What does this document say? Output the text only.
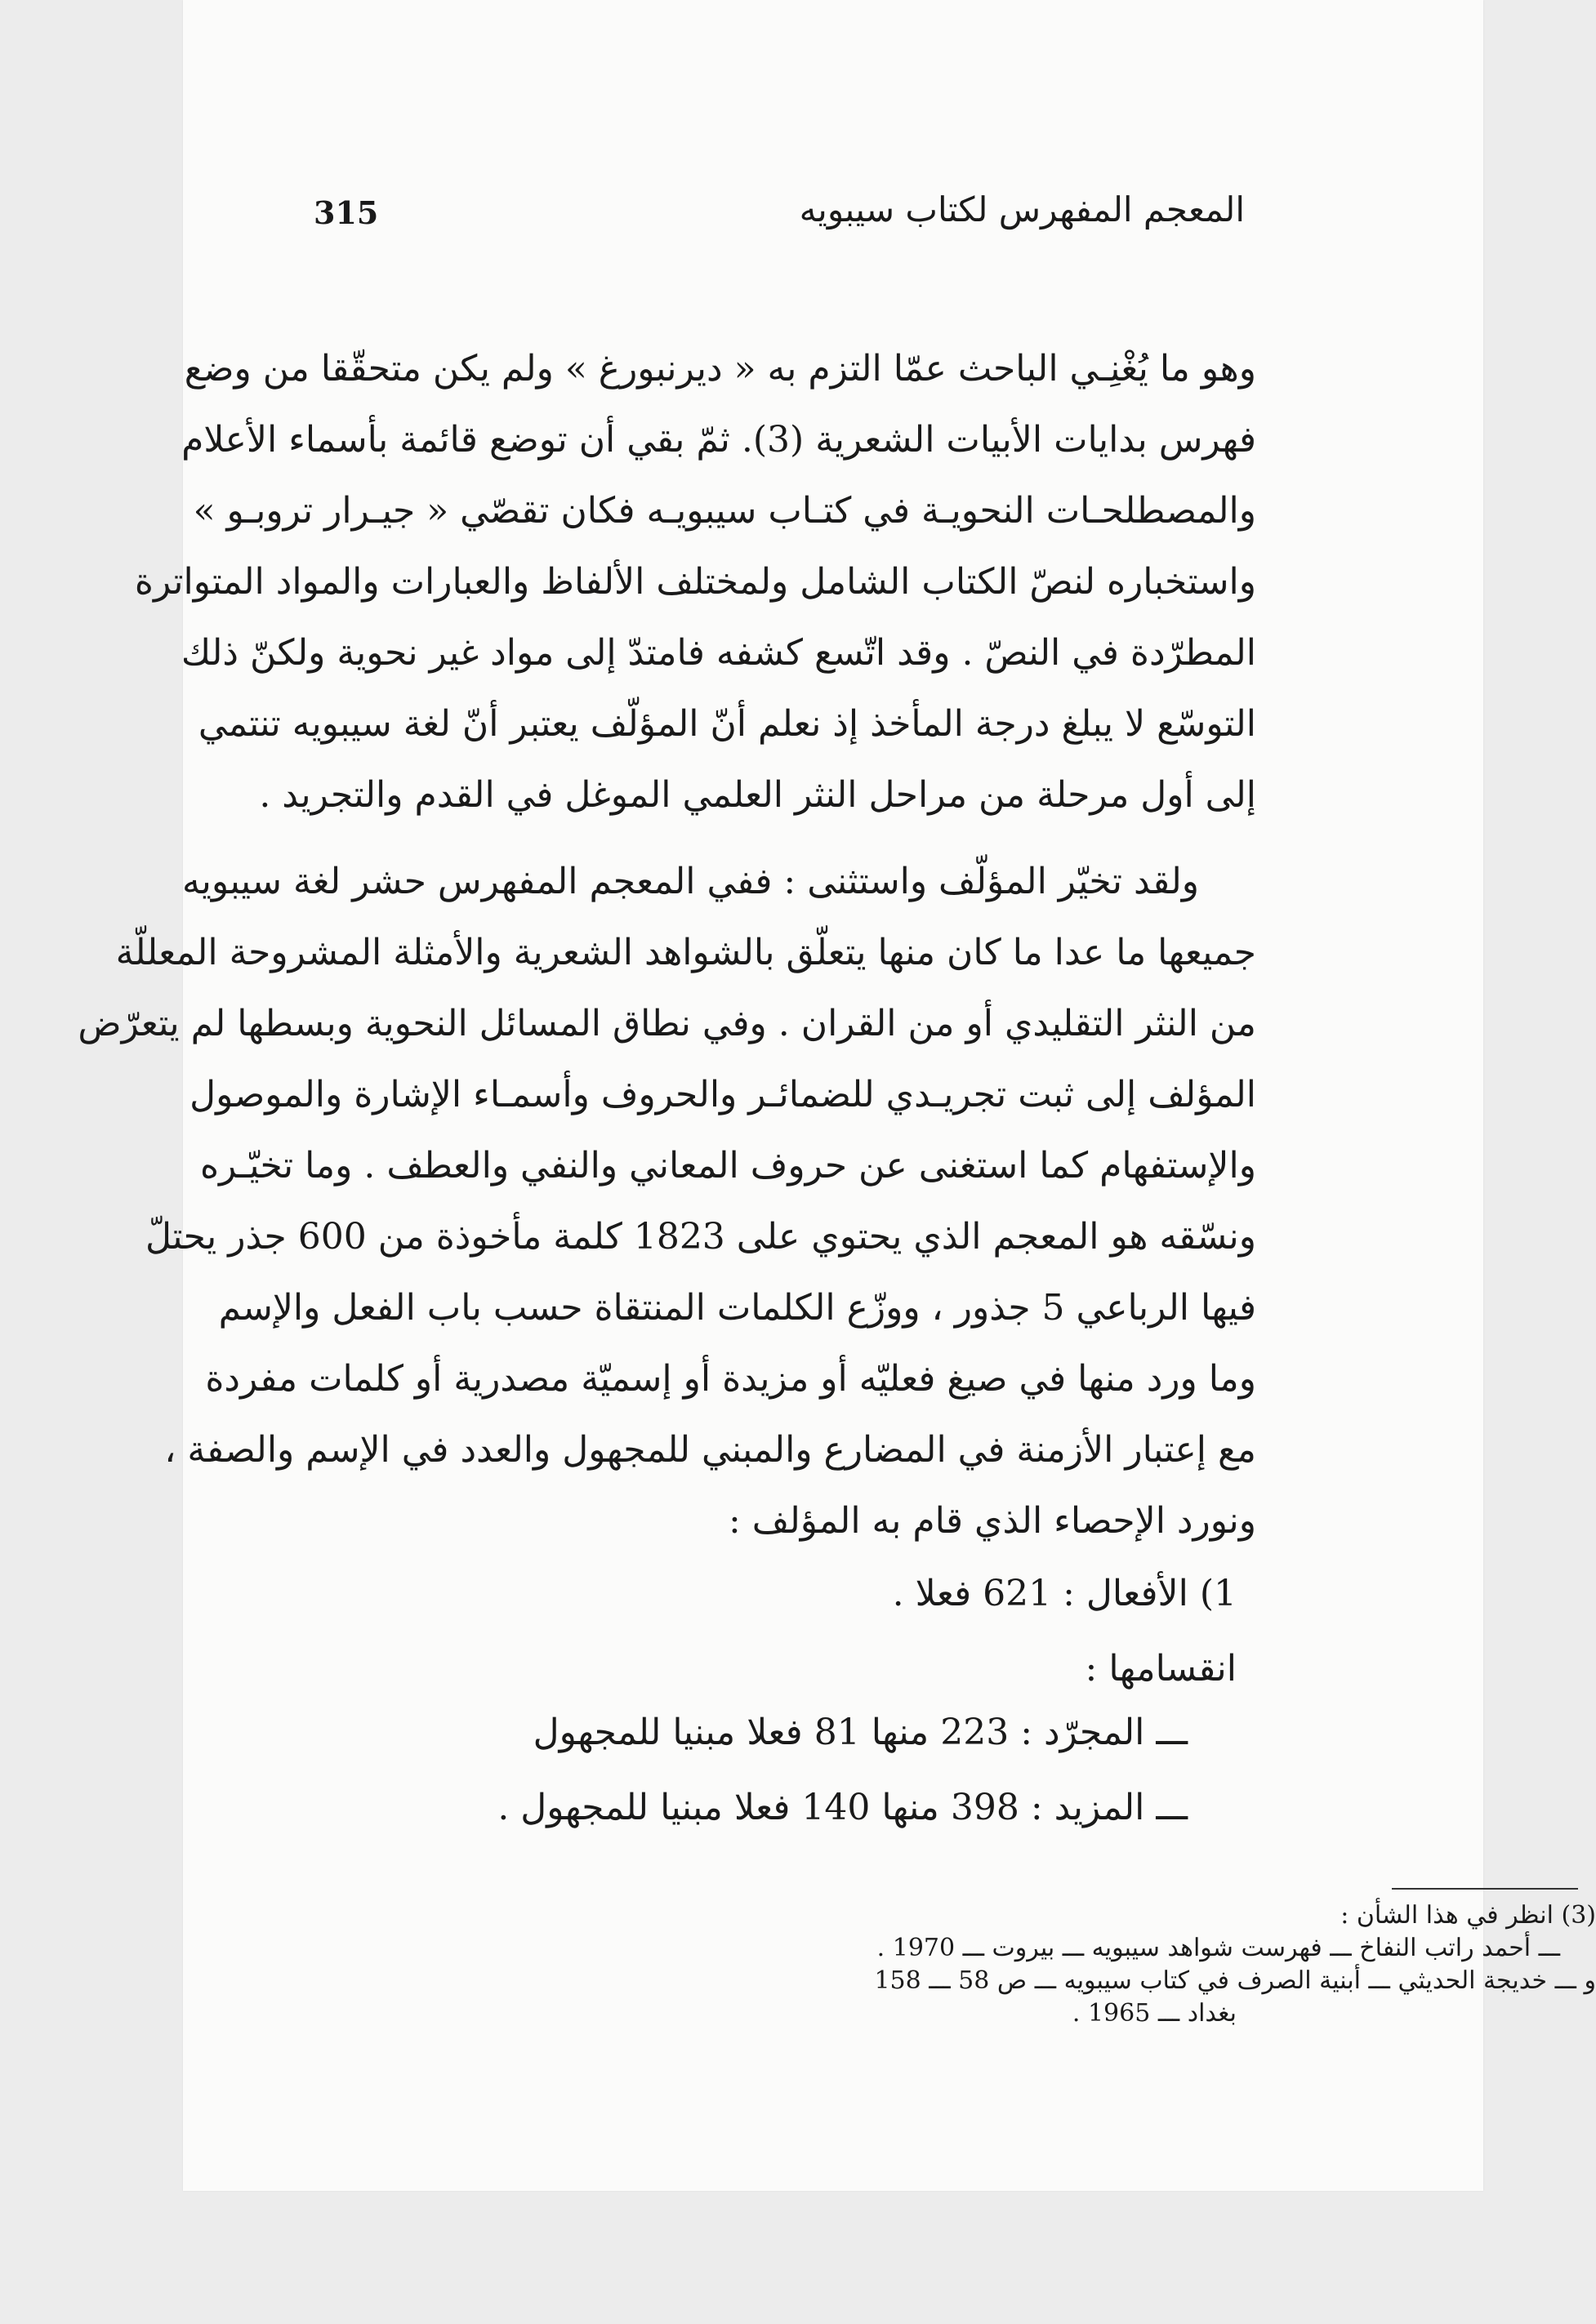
315	المعجم المفهرس لكتاب سيبويه
وهو ما يُغْنِـي الباحث عمّا التزم به « ديرنبورغ » ولم يكن متحقّقا من وضع
فهرس بدايات الأبيات الشعرية (3). ثمّ بقي أن توضع قائمة بأسماء الأعلام
والمصطلحـات النحويـة في كتـاب سيبويـه فكان تقصّي « جيـرار تروبـو »
واستخباره لنصّ الكتاب الشامل ولمختلف الألفاظ والعبارات والمواد المتواترة
المطرّدة في النصّ . وقد اتّسع كشفه فامتدّ إلى مواد غير نحوية ولكنّ ذلك
التوسّع لا يبلغ درجة المأخذ إذ نعلم أنّ المؤلّف يعتبر أنّ لغة سيبويه تنتمي
إلى أول مرحلة من مراحل النثر العلمي الموغل في القدم والتجريد .
ولقد تخيّر المؤلّف واستثنى : ففي المعجم المفهرس حشر لغة سيبويه
جميعها ما عدا ما كان منها يتعلّق بالشواهد الشعرية والأمثلة المشروحة المعللّة
من النثر التقليدي أو من القران . وفي نطاق المسائل النحوية وبسطها لم يتعرّض
المؤلف إلى ثبت تجريـدي للضمائـر والحروف وأسمـاء الإشارة والموصول
والإستفهام كما استغنى عن حروف المعاني والنفي والعطف . وما تخيّـره
ونسّقه هو المعجم الذي يحتوي على 1823 كلمة مأخوذة من 600 جذر يحتلّ
فيها الرباعي 5 جذور ، ووزّع الكلمات المنتقاة حسب باب الفعل والإسم
وما ورد منها في صيغ فعليّه أو مزيدة أو إسميّة مصدرية أو كلمات مفردة
مع إعتبار الأزمنة في المضارع والمبني للمجهول والعدد في الإسم والصفة ،
ونورد الإحصاء الذي قام به المؤلف :
1) الأفعال : 621 فعلا .
انقسامها :
ـــ المجرّد : 223 منها 81 فعلا مبنيا للمجهول
ـــ المزيد : 398 منها 140 فعلا مبنيا للمجهول .
(3) انظر في هذا الشأن :
ـــ أحمد راتب النفاخ ـــ فهرست شواهد سيبويه ـــ بيروت ـــ 1970 .
و ـــ خديجة الحديثي ـــ أبنية الصرف في كتاب سيبويه ـــ ص 58 ـــ 158
بغداد ـــ 1965 .
